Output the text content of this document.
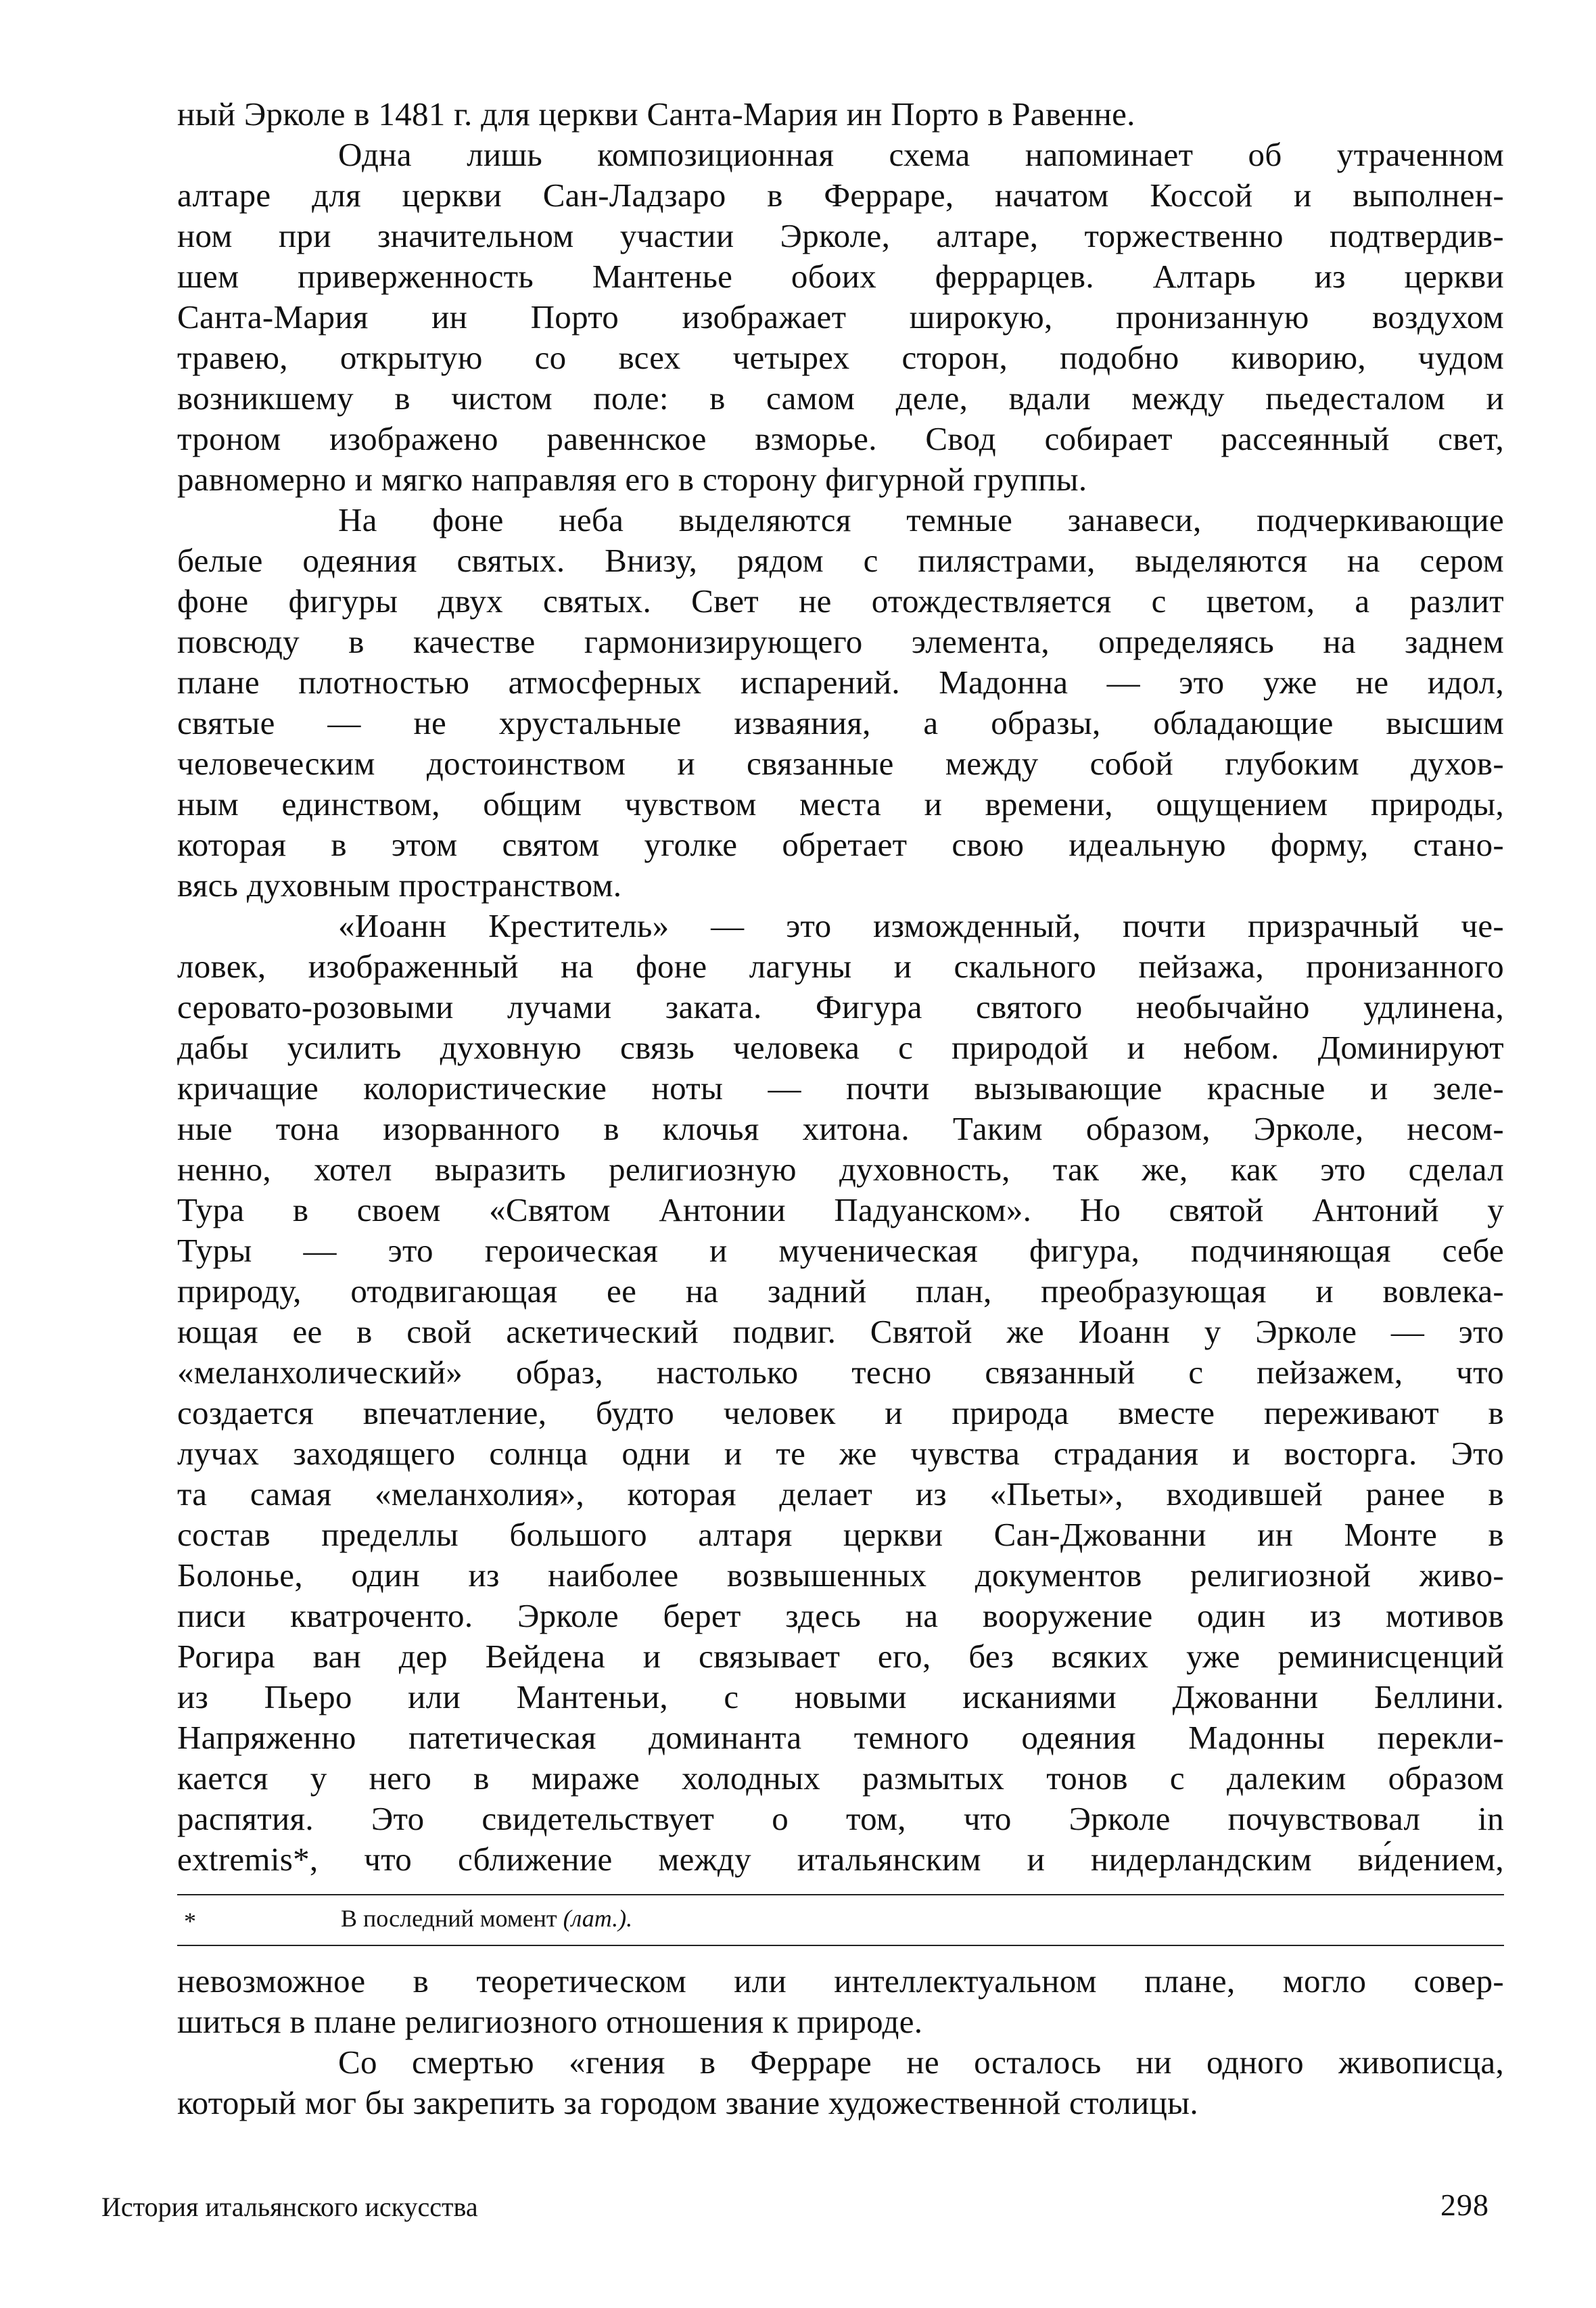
ный Эрколе в 1481 г. для церкви Санта-Мария ин Порто в Равенне.
Одна лишь композиционная схема напоминает об утраченном
алтаре для церкви Сан-Ладзаро в Ферраре, начатом Коссой и выполнен-
ном при значительном участии Эрколе, алтаре, торжественно подтвердив-
шем приверженность Мантенье обоих феррарцев. Алтарь из церкви
Санта-Мария ин Порто изображает широкую, пронизанную воздухом
травею, открытую со всех четырех сторон, подобно киворию, чудом
возникшему в чистом поле: в самом деле, вдали между пьедесталом и
троном изображено равеннское взморье. Свод собирает рассеянный свет,
равномерно и мягко направляя его в сторону фигурной группы.
На фоне неба выделяются темные занавеси, подчеркивающие
белые одеяния святых. Внизу, рядом с пилястрами, выделяются на сером
фоне фигуры двух святых. Свет не отождествляется с цветом, а разлит
повсюду в качестве гармонизирующего элемента, определяясь на заднем
плане плотностью атмосферных испарений. Мадонна — это уже не идол,
святые — не хрустальные изваяния, а образы, обладающие высшим
человеческим достоинством и связанные между собой глубоким духов-
ным единством, общим чувством места и времени, ощущением природы,
которая в этом святом уголке обретает свою идеальную форму, стано-
вясь духовным пространством.
«Иоанн Креститель» — это изможденный, почти призрачный че-
ловек, изображенный на фоне лагуны и скального пейзажа, пронизанного
серовато-розовыми лучами заката. Фигура святого необычайно удлинена,
дабы усилить духовную связь человека с природой и небом. Доминируют
кричащие колористические ноты — почти вызывающие красные и зеле-
ные тона изорванного в клочья хитона. Таким образом, Эрколе, несом-
ненно, хотел выразить религиозную духовность, так же, как это сделал
Тура в своем «Святом Антонии Падуанском». Но святой Антоний у
Туры — это героическая и мученическая фигура, подчиняющая себе
природу, отодвигающая ее на задний план, преобразующая и вовлека-
ющая ее в свой аскетический подвиг. Святой же Иоанн у Эрколе — это
«меланхолический» образ, настолько тесно связанный с пейзажем, что
создается впечатление, будто человек и природа вместе переживают в
лучах заходящего солнца одни и те же чувства страдания и восторга. Это
та самая «меланхолия», которая делает из «Пьеты», входившей ранее в
состав пределлы большого алтаря церкви Сан-Джованни ин Монте в
Болонье, один из наиболее возвышенных документов религиозной живо-
писи кватроченто. Эрколе берет здесь на вооружение один из мотивов
Рогира ван дер Вейдена и связывает его, без всяких уже реминисценций
из Пьеро или Мантеньи, с новыми исканиями Джованни Беллини.
Напряженно патетическая доминанта темного одеяния Мадонны перекли-
кается у него в мираже холодных размытых тонов с далеким образом
распятия. Это свидетельствует о том, что Эрколе почувствовал in
extremis*, что сближение между итальянским и нидерландским ви́дением,
*	В последний момент (лат.).
невозможное в теоретическом или интеллектуальном плане, могло совер-
шиться в плане религиозного отношения к природе.
Со смертью «гения в Ферраре не осталось ни одного живописца,
который мог бы закрепить за городом звание художественной столицы.
История итальянского искусства	298
